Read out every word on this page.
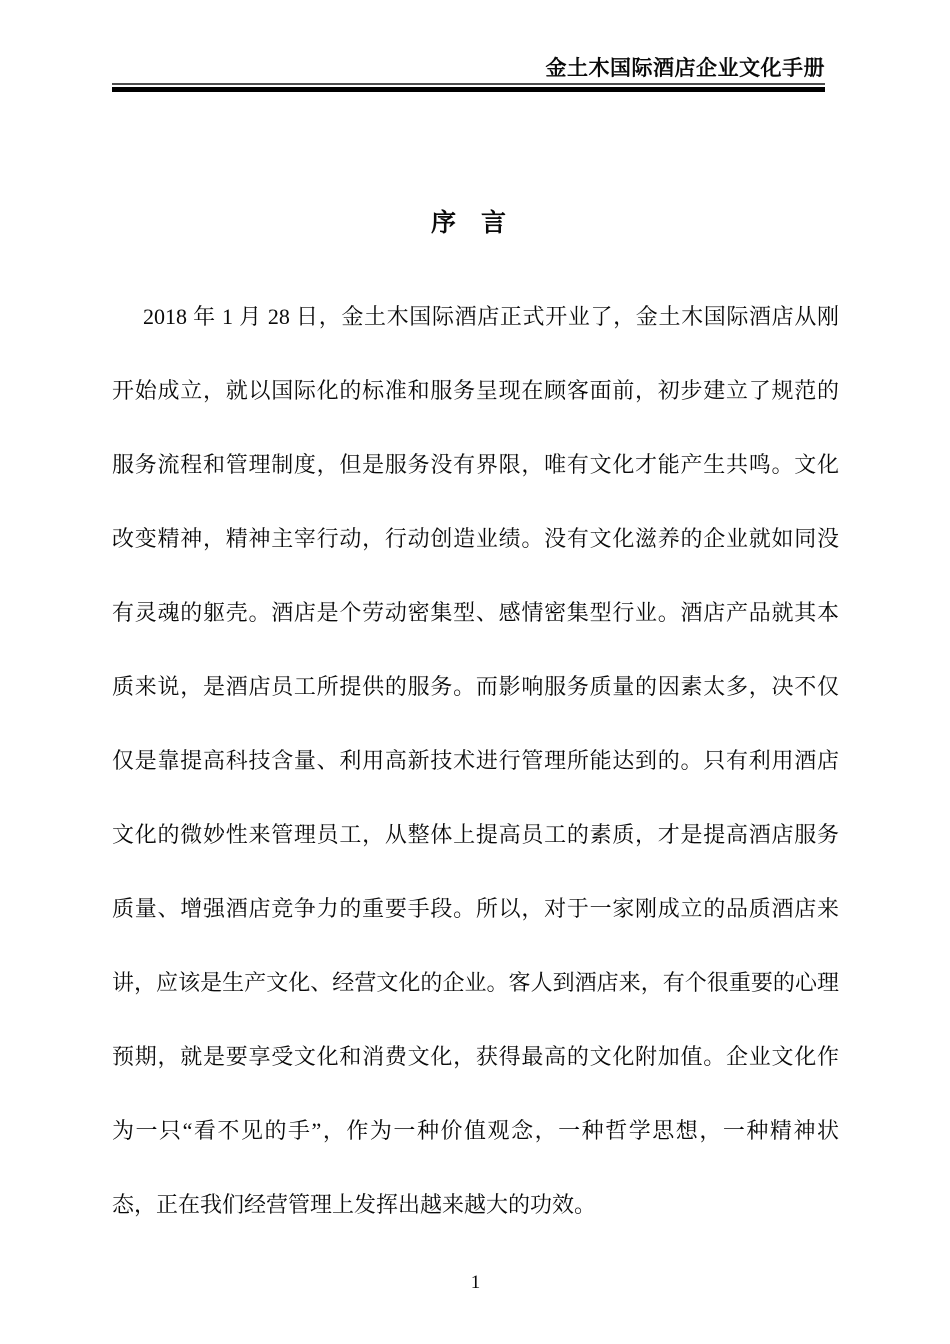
金土木国际酒店企业文化手册
序　言
2018 年 1 月 28 日，金土木国际酒店正式开业了，金土木国际酒店从刚
开始成立，就以国际化的标准和服务呈现在顾客面前，初步建立了规范的
服务流程和管理制度，但是服务没有界限，唯有文化才能产生共鸣。文化
改变精神，精神主宰行动，行动创造业绩。没有文化滋养的企业就如同没
有灵魂的躯壳。酒店是个劳动密集型、感情密集型行业。酒店产品就其本
质来说，是酒店员工所提供的服务。而影响服务质量的因素太多，决不仅
仅是靠提高科技含量、利用高新技术进行管理所能达到的。只有利用酒店
文化的微妙性来管理员工，从整体上提高员工的素质，才是提高酒店服务
质量、增强酒店竞争力的重要手段。所以，对于一家刚成立的品质酒店来
讲，应该是生产文化、经营文化的企业。客人到酒店来，有个很重要的心理
预期，就是要享受文化和消费文化，获得最高的文化附加值。企业文化作
为一只“看不见的手”，作为一种价值观念，一种哲学思想，一种精神状
态，正在我们经营管理上发挥出越来越大的功效。
1
